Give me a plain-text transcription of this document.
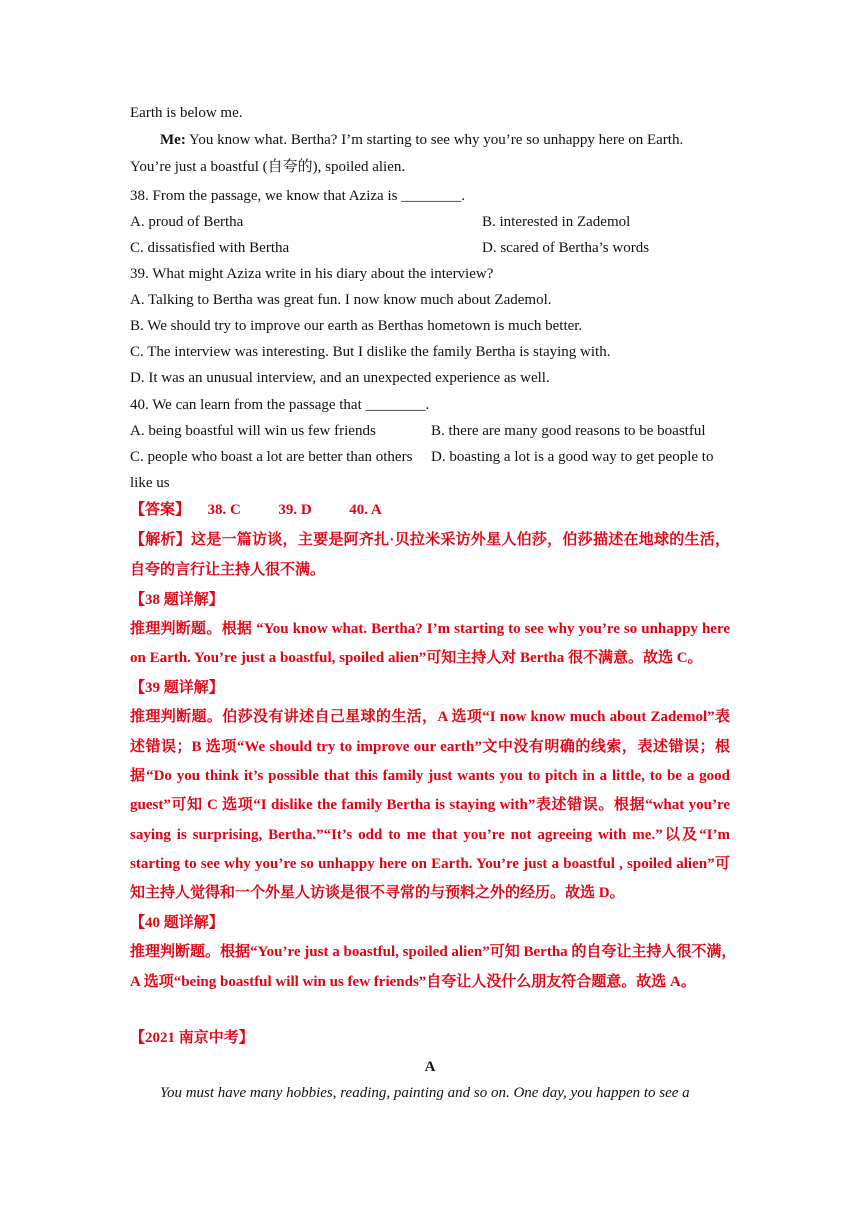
Earth is below me.
Me: You know what. Bertha? I’m starting to see why you’re so unhappy here on Earth.
You’re just a boastful (自夸的), spoiled alien.
38. From the passage, we know that Aziza is ________.
A. proud of Bertha	B. interested in Zademol
C. dissatisfied with Bertha	D. scared of Bertha’s words
39. What might Aziza write in his diary about the interview?
A. Talking to Bertha was great fun. I now know much about Zademol.
B. We should try to improve our earth as Berthas hometown is much better.
C. The interview was interesting. But I dislike the family Bertha is staying with.
D. It was an unusual interview, and an unexpected experience as well.
40. We can learn from the passage that ________.
A. being boastful will win us few friends	B. there are many good reasons to be boastful
C. people who boast a lot are better than others D. boasting a lot is a good way to get people to
like us
【答案】 38. C	39. D	40. A
【解析】这是一篇访谈，主要是阿齐扎·贝拉米采访外星人伯莎，伯莎描述在地球的生活，
自夸的言行让主持人很不满。
【38 题详解】
推理判断题。根据 “You know what. Bertha? I’m starting to see why you’re so unhappy here
on Earth. You’re just a boastful, spoiled alien”可知主持人对 Bertha 很不满意。故选 C。
【39 题详解】
推理判断题。伯莎没有讲述自己星球的生活，A 选项“I now know much about Zademol”表
述错误；B 选项“We should try to improve our earth”文中没有明确的线索，表述错误；根
据“Do you think it’s possible that this family just wants you to pitch in a little, to be a good
guest”可知 C 选项“I dislike the family Bertha is staying with”表述错误。根据“what you’re
saying is surprising, Bertha.”“It’s odd to me that you’re not agreeing with me.”以及“I’m
starting to see why you’re so unhappy here on Earth. You’re just a boastful , spoiled alien”可
知主持人觉得和一个外星人访谈是很不寻常的与预料之外的经历。故选 D。
【40 题详解】
推理判断题。根据“You’re just a boastful, spoiled alien”可知 Bertha 的自夸让主持人很不满，
A 选项“being boastful will win us few friends”自夸让人没什么朋友符合题意。故选 A。
【2021 南京中考】
A
You must have many hobbies, reading, painting and so on. One day, you happen to see a
